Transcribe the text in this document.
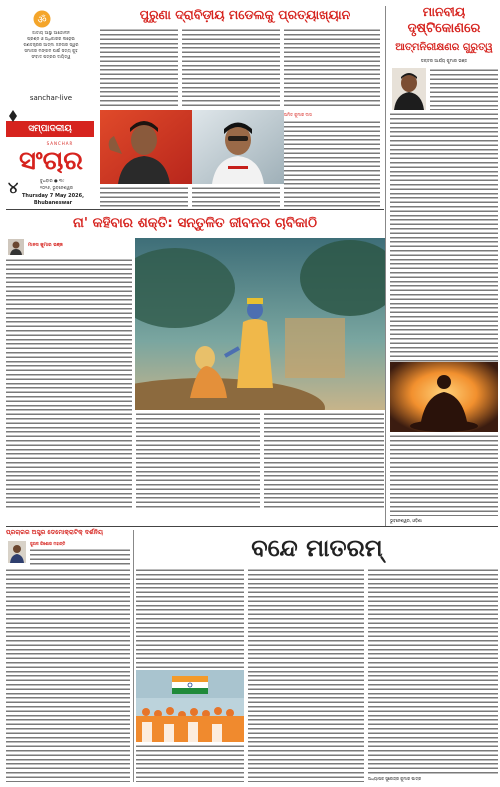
ॐ
ଜାତୀୟ ଆସ୍ଥା ଆନ୍ଦୋଳନ
ପ୍ରଶ୍ନ ଓ ଅଧିକାରର ଲଢ଼େଇ
ଗଣତନ୍ତ୍ରର ଆତ୍ମା ଜନତାର ସ୍ୱର
ସମାଜର ମଙ୍ଗଳ ପାଇଁ ସତ୍ୟ କୁହ
ସଂବାଦ ପତ୍ରର ଦାୟିତ୍ୱ
sanchar-live
ସମ୍ପାଦକୀୟ
SANCHAR
ସଂଚାର
୪	ବୁଧବାର ● ୩୯
୨୦୨୬, ଭୁବନେଶ୍ୱର
Thursday 7 May 2026,
Bhubaneswar
ପୁରୁଣା ଦ୍ରାବିଡ଼ୀୟ ମଡେଲକୁ ପ୍ରତ୍ୟାଖ୍ୟାନ
ଅମିତ କୁମାର ଦାସ
ମାନବୀୟ
ଦୃଷ୍ଟିକୋଣରେ
ଆତ୍ମନିରୀକ୍ଷଣର ଗୁରୁତ୍ୱ
ଡକ୍ଟର ଆର୍ଯ୍ୟ କୁମାର ଭଞ୍ଜ
ଭୁବନେଶ୍ୱର, ଓଡ଼ିଶା
ନା' କହିବାର ଶକ୍ତି: ସନ୍ତୁଳିତ ଜୀବନର ଚାବିକାଠି
ମାନସ କୁମାର ଭଞ୍ଜ
ପ୍ରଚାରର ଅସ୍ତ୍ର ଡେମୋକ୍ରାଟିକ୍ ଦର୍ଶନିୟ
ଜୁଗଳ କିଶୋର ମହାନ୍ତି	ବନ୍ଦେ ମାତରମ୍
ଅଧ୍ୟାପକ ସୁରେନ୍ଦ୍ର କୁମାର ପାତ୍ର
